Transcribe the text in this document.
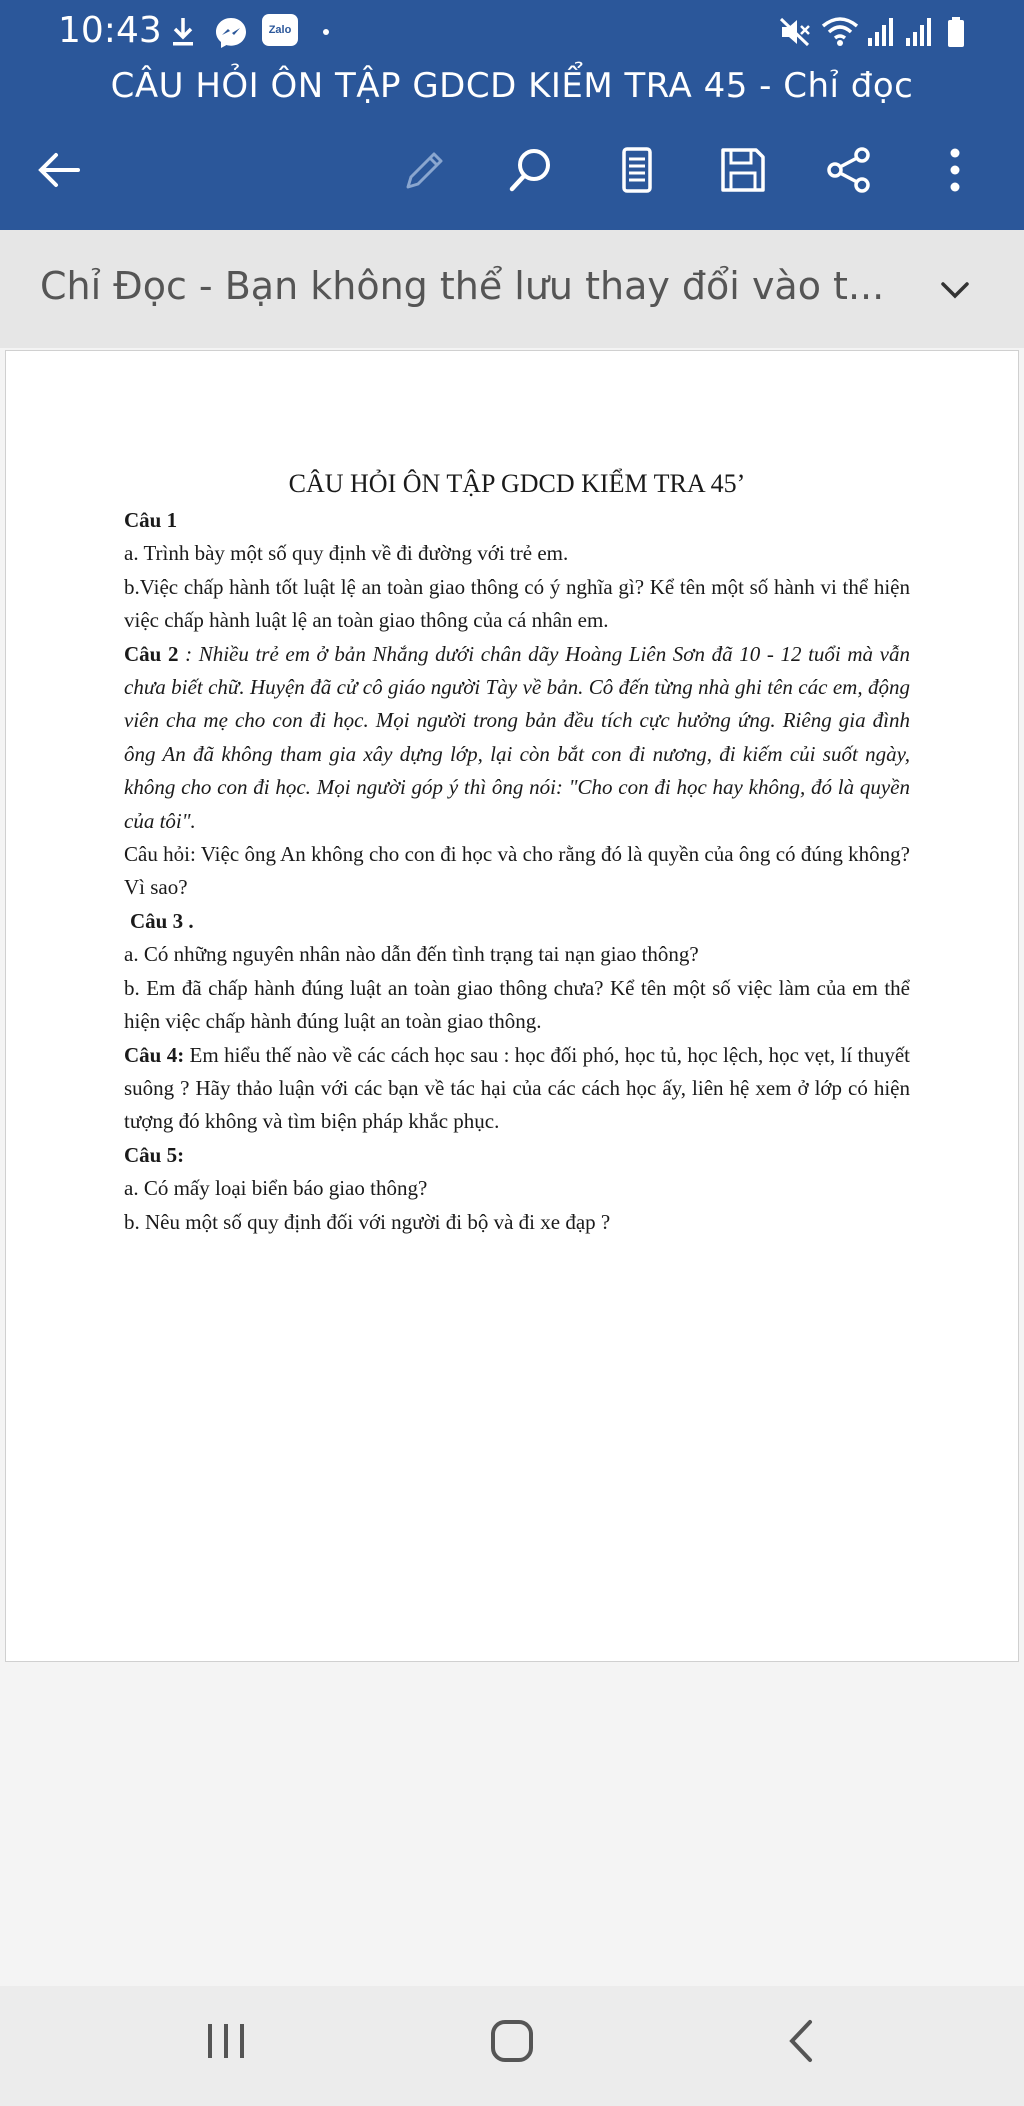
10:43	Zalo
CÂU HỎI ÔN TẬP GDCD KIỂM TRA 45 - Chỉ đọc
Chỉ Đọc - Bạn không thể lưu thay đổi vào t...

CÂU HỎI ÔN TẬP GDCD KIỂM TRA 45’

Câu 1

a. Trình bày một số quy định về đi đường với trẻ em.

b.Việc chấp hành tốt luật lệ an toàn giao thông có ý nghĩa gì? Kể tên một số hành vi thể hiện việc chấp hành luật lệ an toàn giao thông của cá nhân em.

Câu 2 : Nhiều trẻ em ở bản Nhắng dưới chân dãy Hoàng Liên Sơn đã 10 - 12 tuổi mà vẫn chưa biết chữ. Huyện đã cử cô giáo người Tày về bản. Cô đến từng nhà ghi tên các em, động viên cha mẹ cho con đi học. Mọi người trong bản đều tích cực hưởng ứng. Riêng gia đình ông An đã không tham gia xây dựng lớp, lại còn bắt con đi nương, đi kiếm củi suốt ngày, không cho con đi học. Mọi người góp ý thì ông nói: "Cho con đi học hay không, đó là quyền của tôi".

Câu hỏi: Việc ông An không cho con đi học và cho rằng đó là quyền của ông có đúng không? Vì sao?

Câu 3 .

a. Có những nguyên nhân nào dẫn đến tình trạng tai nạn giao thông?

b. Em đã chấp hành đúng luật an toàn giao thông chưa? Kể tên một số việc làm của em thể hiện việc chấp hành đúng luật an toàn giao thông.

Câu 4: Em hiểu thế nào về các cách học sau : học đối phó, học tủ, học lệch, học vẹt, lí thuyết suông ? Hãy thảo luận với các bạn về tác hại của các cách học ấy, liên hệ xem ở lớp có hiện tượng đó không và tìm biện pháp khắc phục.

Câu 5:

a. Có mấy loại biển báo giao thông?

b. Nêu một số quy định đối với người đi bộ và đi xe đạp ?
